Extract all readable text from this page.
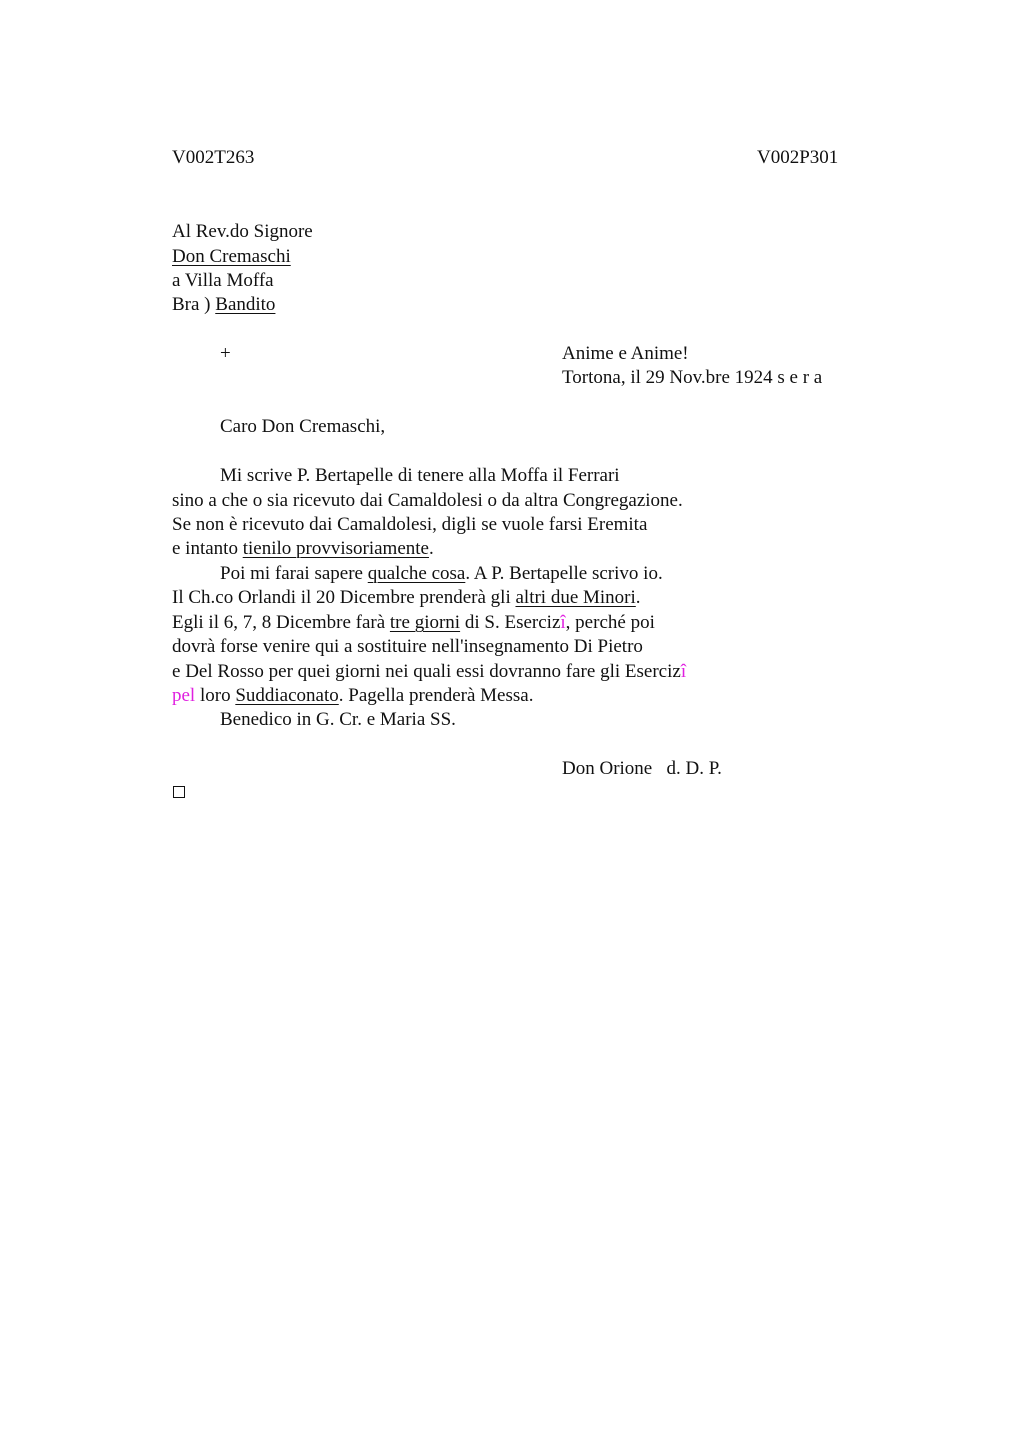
V002T263	V002P301
Al Rev.do Signore
Don Cremaschi
a Villa Moffa
Bra ) Bandito
+	Anime e Anime!
Tortona, il 29 Nov.bre 1924 s e r a
Caro Don Cremaschi,
Mi scrive P. Bertapelle di tenere alla Moffa il Ferrari
sino a che o sia ricevuto dai Camaldolesi o da altra Congregazione.
Se non è ricevuto dai Camaldolesi, digli se vuole farsi Eremita
e intanto tienilo provvisoriamente.
Poi mi farai sapere qualche cosa. A P. Bertapelle scrivo io.
Il Ch.co Orlandi il 20 Dicembre prenderà gli altri due Minori.
Egli il 6, 7, 8 Dicembre farà tre giorni di S. Esercizî, perché poi
dovrà forse venire qui a sostituire nell'insegnamento Di Pietro
e Del Rosso per quei giorni nei quali essi dovranno fare gli Esercizî
pel loro Suddiaconato. Pagella prenderà Messa.
Benedico in G. Cr. e Maria SS.
Don Orione   d. D. P.
